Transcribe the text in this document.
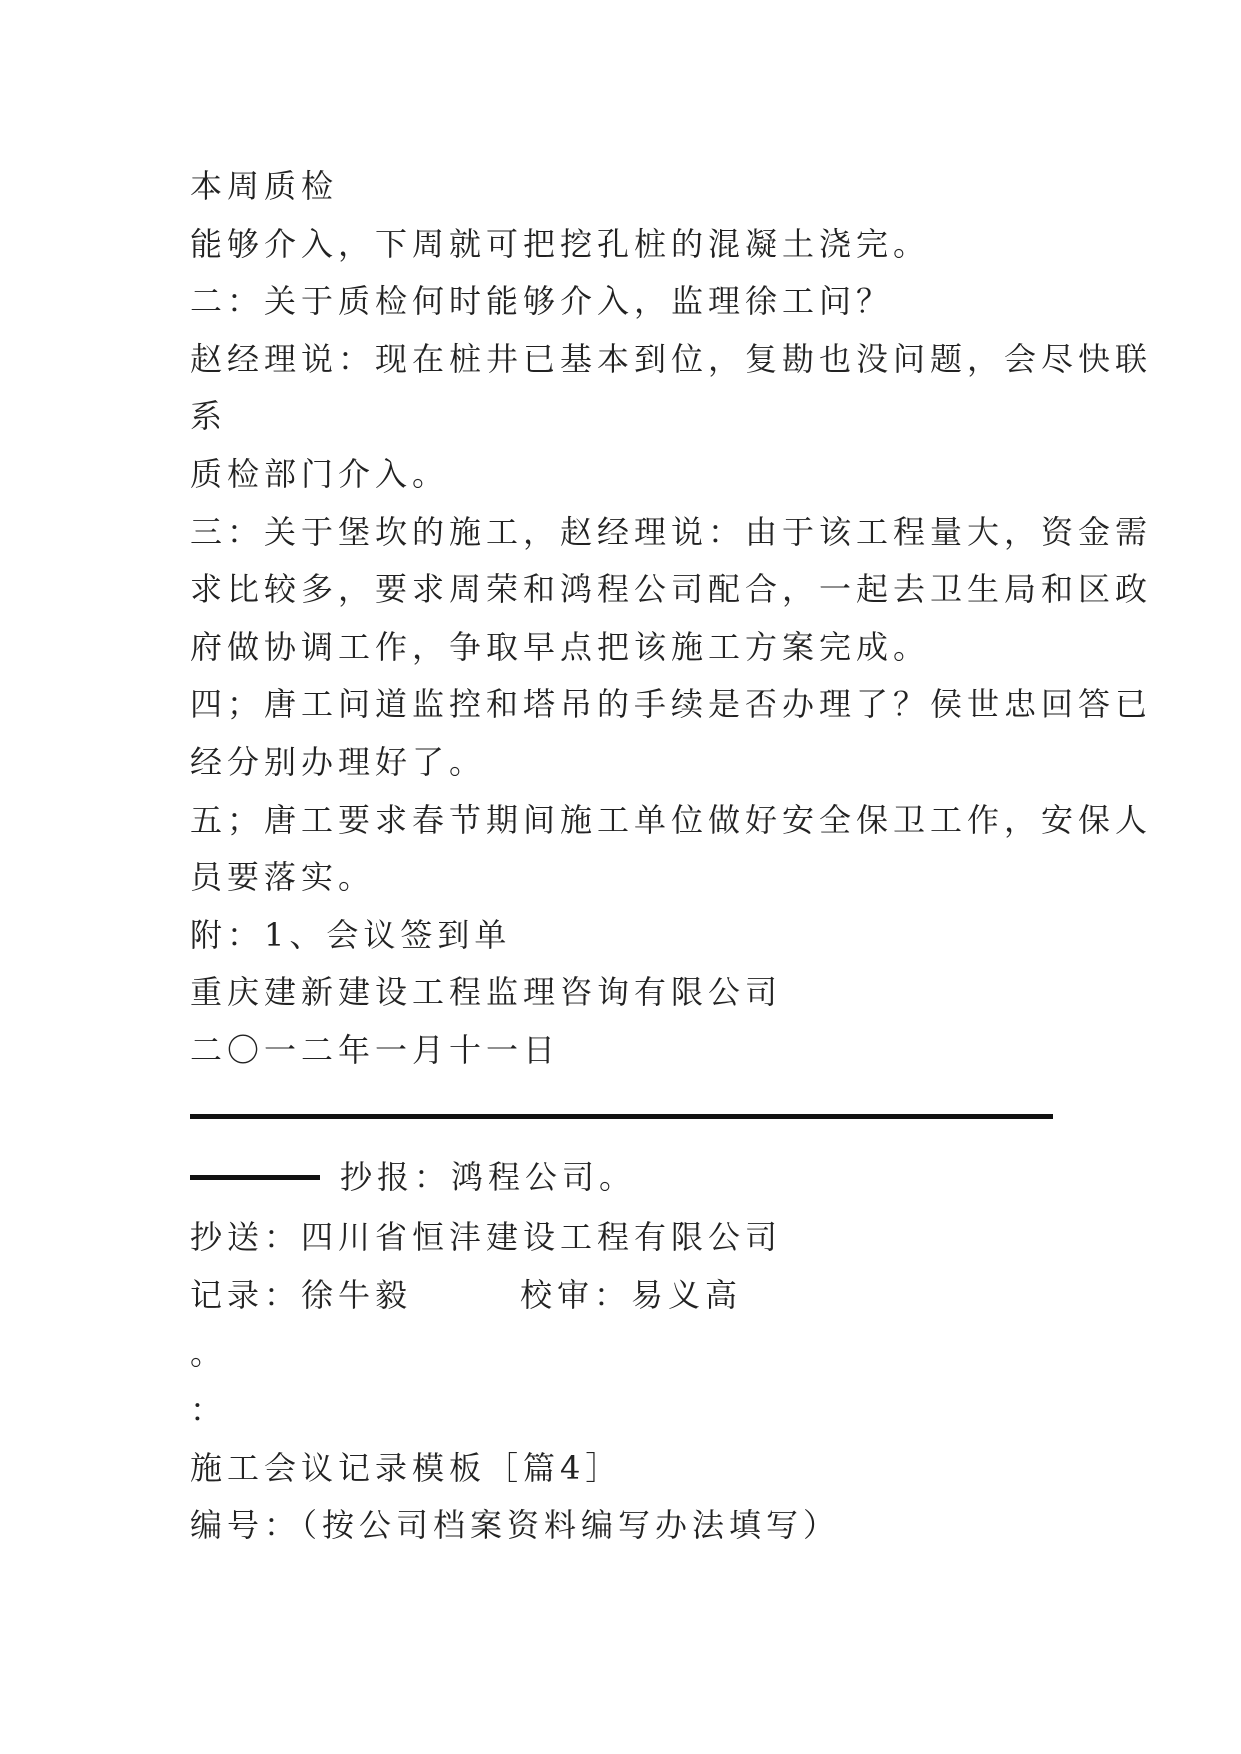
本周质检
能够介入，下周就可把挖孔桩的混凝土浇完。
二：关于质检何时能够介入，监理徐工问？
赵经理说：现在桩井已基本到位，复勘也没问题，会尽快联
系
质检部门介入。
三：关于堡坎的施工，赵经理说：由于该工程量大，资金需
求比较多，要求周荣和鸿程公司配合，一起去卫生局和区政
府做协调工作，争取早点把该施工方案完成。
四；唐工问道监控和塔吊的手续是否办理了？侯世忠回答已
经分别办理好了。
五；唐工要求春节期间施工单位做好安全保卫工作，安保人
员要落实。
附：1、会议签到单
重庆建新建设工程监理咨询有限公司
二〇一二年一月十一日
抄报：鸿程公司。
抄送：四川省恒沣建设工程有限公司
记录：徐牛毅	校审：易义高
。
：
施工会议记录模板［篇4］
编号：（按公司档案资料编写办法填写）
